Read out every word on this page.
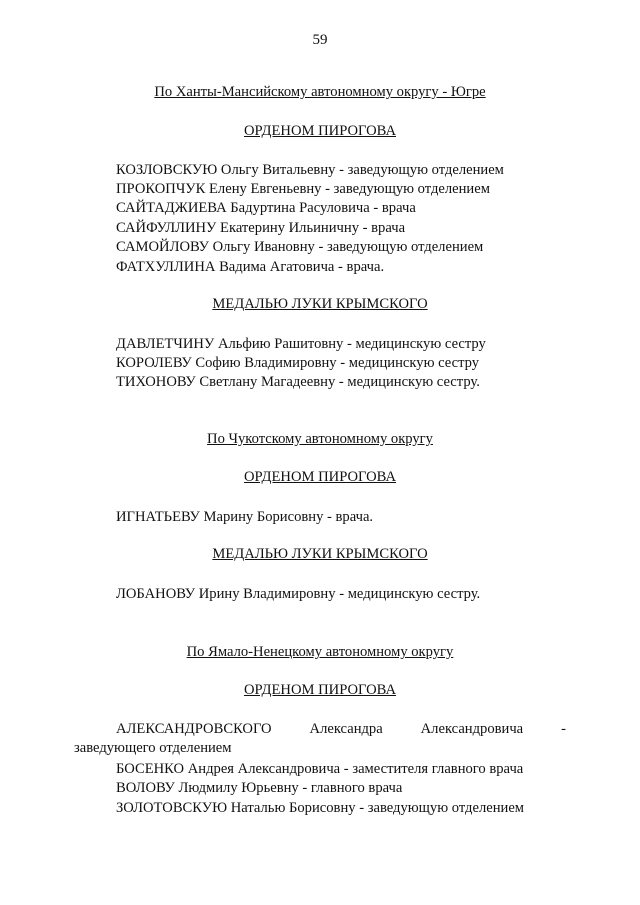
59
По Ханты-Мансийскому автономному округу - Югре
ОРДЕНОМ ПИРОГОВА
КОЗЛОВСКУЮ Ольгу Витальевну - заведующую отделением
ПРОКОПЧУК Елену Евгеньевну - заведующую отделением
САЙТАДЖИЕВА Бадуртина Расуловича - врача
САЙФУЛЛИНУ Екатерину Ильиничну - врача
САМОЙЛОВУ Ольгу Ивановну - заведующую отделением
ФАТХУЛЛИНА Вадима Агатовича - врача.
МЕДАЛЬЮ ЛУКИ КРЫМСКОГО
ДАВЛЕТЧИНУ Альфию Рашитовну - медицинскую сестру
КОРОЛЕВУ Софию Владимировну - медицинскую сестру
ТИХОНОВУ Светлану Магадеевну - медицинскую сестру.
По Чукотскому автономному округу
ОРДЕНОМ ПИРОГОВА
ИГНАТЬЕВУ Марину Борисовну - врача.
МЕДАЛЬЮ ЛУКИ КРЫМСКОГО
ЛОБАНОВУ Ирину Владимировну - медицинскую сестру.
По Ямало-Ненецкому автономному округу
ОРДЕНОМ ПИРОГОВА
АЛЕКСАНДРОВСКОГО	Александра	Александровича	-
заведующего отделением
БОСЕНКО Андрея Александровича - заместителя главного врача
ВОЛОВУ Людмилу Юрьевну - главного врача
ЗОЛОТОВСКУЮ Наталью Борисовну - заведующую отделением
